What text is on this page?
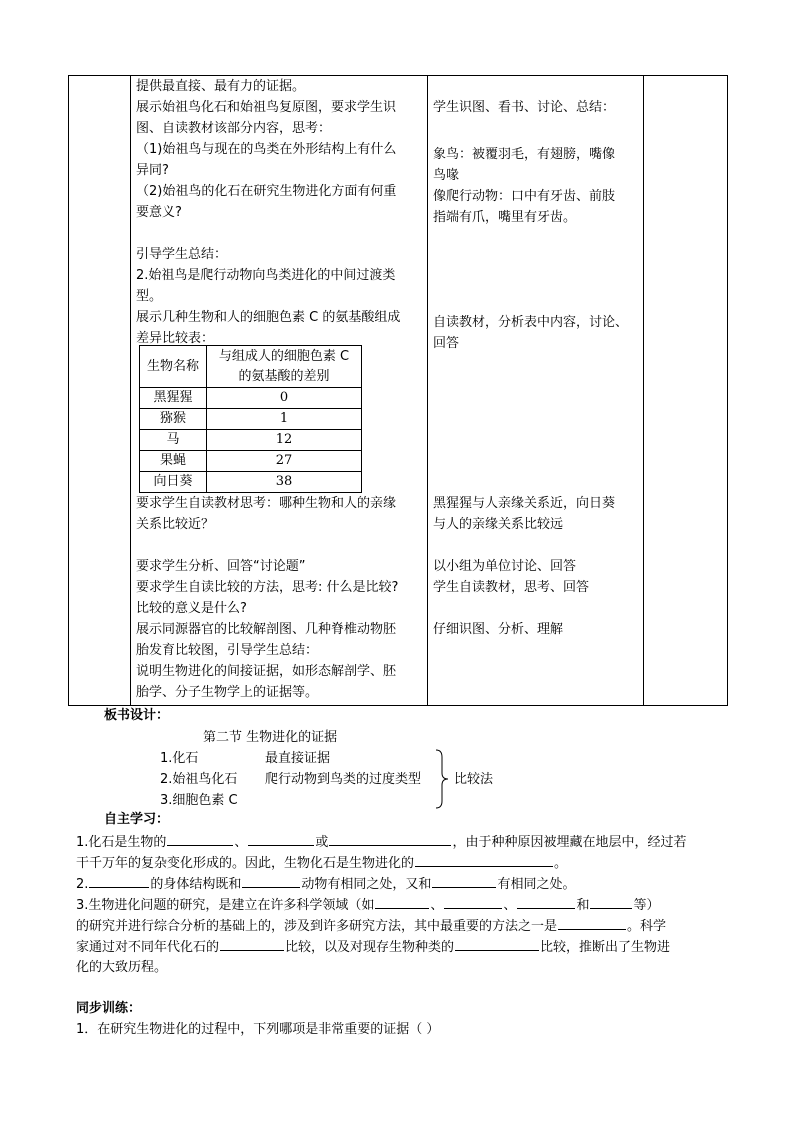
提供最直接、最有力的证据。
展示始祖鸟化石和始祖鸟复原图，要求学生识
图、自读教材该部分内容，思考：
（1)始祖鸟与现在的鸟类在外形结构上有什么
异同?
（2)始祖鸟的化石在研究生物进化方面有何重
要意义?
引导学生总结：
2.始祖鸟是爬行动物向鸟类进化的中间过渡类
型。
展示几种生物和人的细胞色素 C 的氨基酸组成
差异比较表：
要求学生自读教材思考：哪种生物和人的亲缘
关系比较近？
要求学生分析、回答“讨论题”
要求学生自读比较的方法，思考: 什么是比较?
比较的意义是什么?
展示同源器官的比较解剖图、几种脊椎动物胚
胎发育比较图，引导学生总结：
说明生物进化的间接证据，如形态解剖学、胚
胎学、分子生物学上的证据等。
学生识图、看书、讨论、总结：
象鸟：被覆羽毛，有翅膀，嘴像
鸟喙
像爬行动物：口中有牙齿、前肢
指端有爪，嘴里有牙齿。
自读教材，分析表中内容，讨论、
回答
黑猩猩与人亲缘关系近，向日葵
与人的亲缘关系比较远
以小组为单位讨论、回答
学生自读教材，思考、回答
仔细识图、分析、理解
生物名称	与组成人的细胞色素 C
的氨基酸的差别

黑猩猩	0
猕猴	1
马	12
果蝇	27
向日葵	38
板书设计：
第二节 生物进化的证据
1.化石	最直接证据
2.始祖鸟化石 爬行动物到鸟类的过度类型
3.细胞色素 C
比较法
自主学习：
1.化石是生物的	、	或	，由于种种原因被埋藏在地层中，经过若
干千万年的复杂变化形成的。因此，生物化石是生物进化的	。
2.	的身体结构既和	动物有相同之处，又和	有相同之处。
3.生物进化问题的研究，是建立在许多科学领域（如	、	、	和	等）
的研究并进行综合分析的基础上的，涉及到许多研究方法，其中最重要的方法之一是	。科学
家通过对不同年代化石的	比较，以及对现存生物种类的	比较，推断出了生物进
化的大致历程。
同步训练：
1．在研究生物进化的过程中，下列哪项是非常重要的证据（ ）
